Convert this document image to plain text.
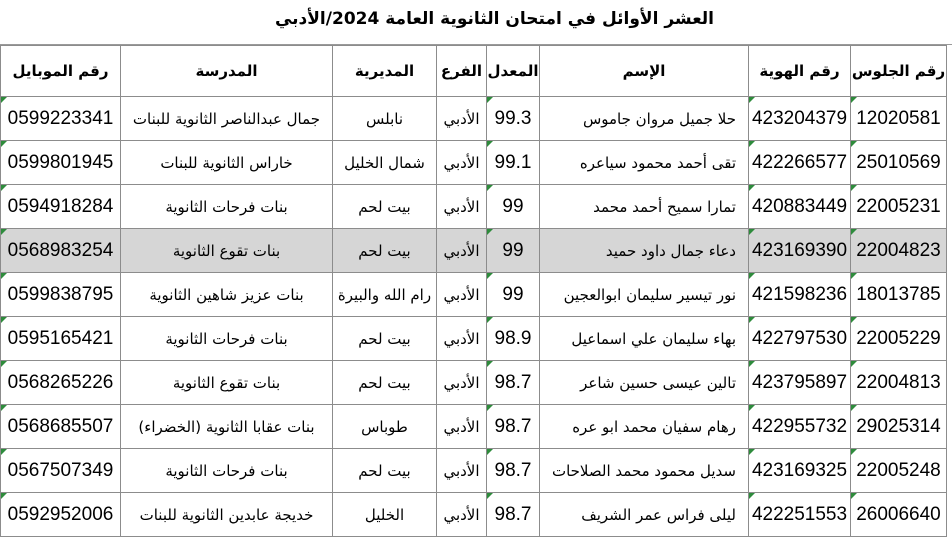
العشر الأوائل في امتحان الثانوية العامة 2024/الأدبي
رقم الموبايل	المدرسة	المديرية	الفرع	المعدل	الإسم	رقم الهوية	رقم الجلوس
0599223341	جمال عبدالناصر الثانوية للبنات	نابلس	الأدبي	99.3	حلا جميل مروان جاموس	423204379	12020581
0599801945	خاراس الثانوية للبنات	شمال الخليل	الأدبي	99.1	تقى أحمد محمود سياعره	422266577	25010569
0594918284	بنات فرحات الثانوية	بيت لحم	الأدبي	99	تمارا سميح أحمد محمد	420883449	22005231
0568983254	بنات تقوع الثانوية	بيت لحم	الأدبي	99	دعاء جمال داود حميد	423169390	22004823
0599838795	بنات عزيز شاهين الثانوية	رام الله والبيرة	الأدبي	99	نور تيسير سليمان ابوالعجين	421598236	18013785
0595165421	بنات فرحات الثانوية	بيت لحم	الأدبي	98.9	بهاء سليمان علي اسماعيل	422797530	22005229
0568265226	بنات تقوع الثانوية	بيت لحم	الأدبي	98.7	تالين عيسى حسين شاعر	423795897	22004813
0568685507	بنات عقابا الثانوية (الخضراء)	طوباس	الأدبي	98.7	رهام سفيان محمد ابو عره	422955732	29025314
0567507349	بنات فرحات الثانوية	بيت لحم	الأدبي	98.7	سديل محمود محمد الصلاحات	423169325	22005248
0592952006	خديجة عابدين الثانوية للبنات	الخليل	الأدبي	98.7	ليلى فراس عمر الشريف	422251553	26006640
